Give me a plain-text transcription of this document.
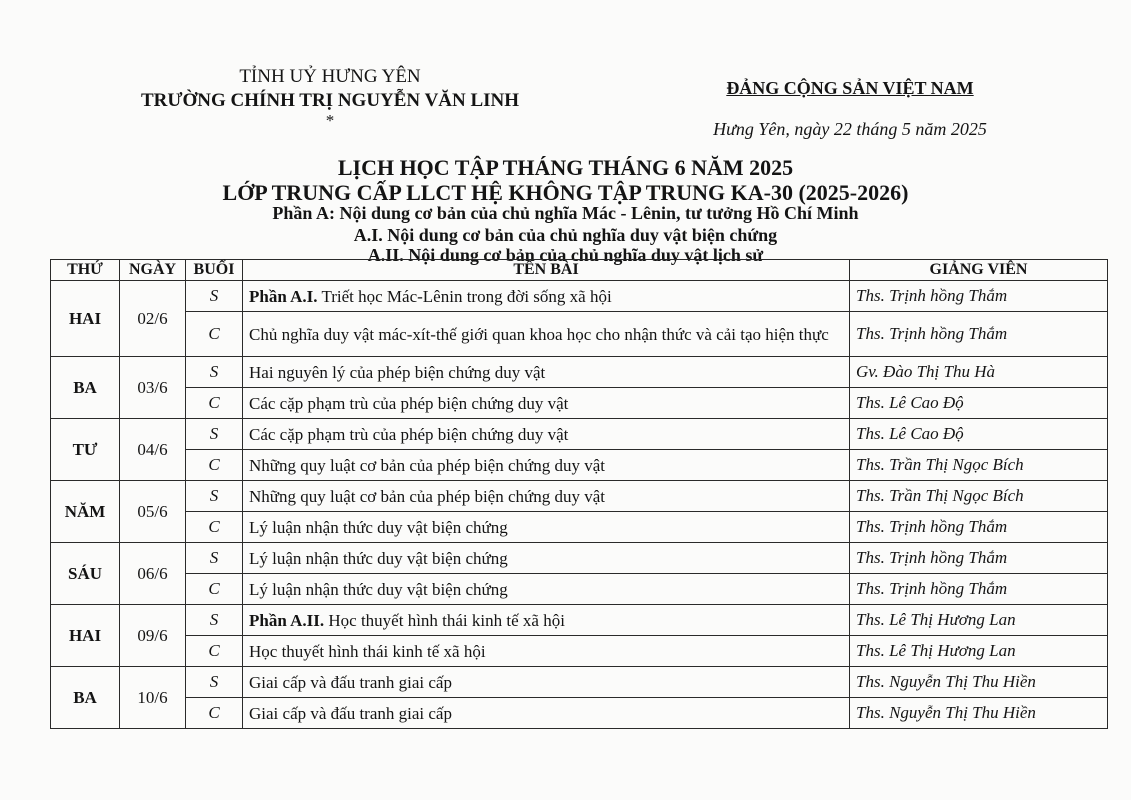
TỈNH UỶ HƯNG YÊN
TRƯỜNG CHÍNH TRỊ NGUYỄN VĂN LINH
*
ĐẢNG CỘNG SẢN VIỆT NAM
Hưng Yên, ngày 22 tháng 5 năm 2025
LỊCH HỌC TẬP THÁNG THÁNG 6 NĂM 2025
LỚP TRUNG CẤP LLCT HỆ KHÔNG TẬP TRUNG KA-30 (2025-2026)
Phần A: Nội dung cơ bản của chủ nghĩa Mác - Lênin, tư tưởng Hồ Chí Minh
A.I. Nội dung cơ bản của chủ nghĩa duy vật biện chứng
A.II. Nội dung cơ bản của chủ nghĩa duy vật lịch sử
THỨ	NGÀY	BUỔI	TÊN BÀI	GIẢNG VIÊN
HAI	02/6	S	Phần A.I. Triết học Mác-Lênin trong đời sống xã hội	Ths. Trịnh hồng Thắm
		C	Chủ nghĩa duy vật mác-xít-thế giới quan khoa học cho nhận thức và cải tạo hiện thực	Ths. Trịnh hồng Thắm
BA	03/6	S	Hai nguyên lý của phép biện chứng duy vật	Gv. Đào Thị Thu Hà
		C	Các cặp phạm trù của phép biện chứng duy vật	Ths. Lê Cao Độ
TƯ	04/6	S	Các cặp phạm trù của phép biện chứng duy vật	Ths. Lê Cao Độ
		C	Những quy luật cơ bản của phép biện chứng duy vật	Ths. Trần Thị Ngọc Bích
NĂM	05/6	S	Những quy luật cơ bản của phép biện chứng duy vật	Ths. Trần Thị Ngọc Bích
		C	Lý luận nhận thức duy vật biện chứng	Ths. Trịnh hồng Thắm
SÁU	06/6	S	Lý luận nhận thức duy vật biện chứng	Ths. Trịnh hồng Thắm
		C	Lý luận nhận thức duy vật biện chứng	Ths. Trịnh hồng Thắm
HAI	09/6	S	Phần A.II. Học thuyết hình thái kinh tế xã hội	Ths. Lê Thị Hương Lan
		C	Học thuyết hình thái kinh tế xã hội	Ths. Lê Thị Hương Lan
BA	10/6	S	Giai cấp và đấu tranh giai cấp	Ths. Nguyễn Thị Thu Hiền
		C	Giai cấp và đấu tranh giai cấp	Ths. Nguyễn Thị Thu Hiền
